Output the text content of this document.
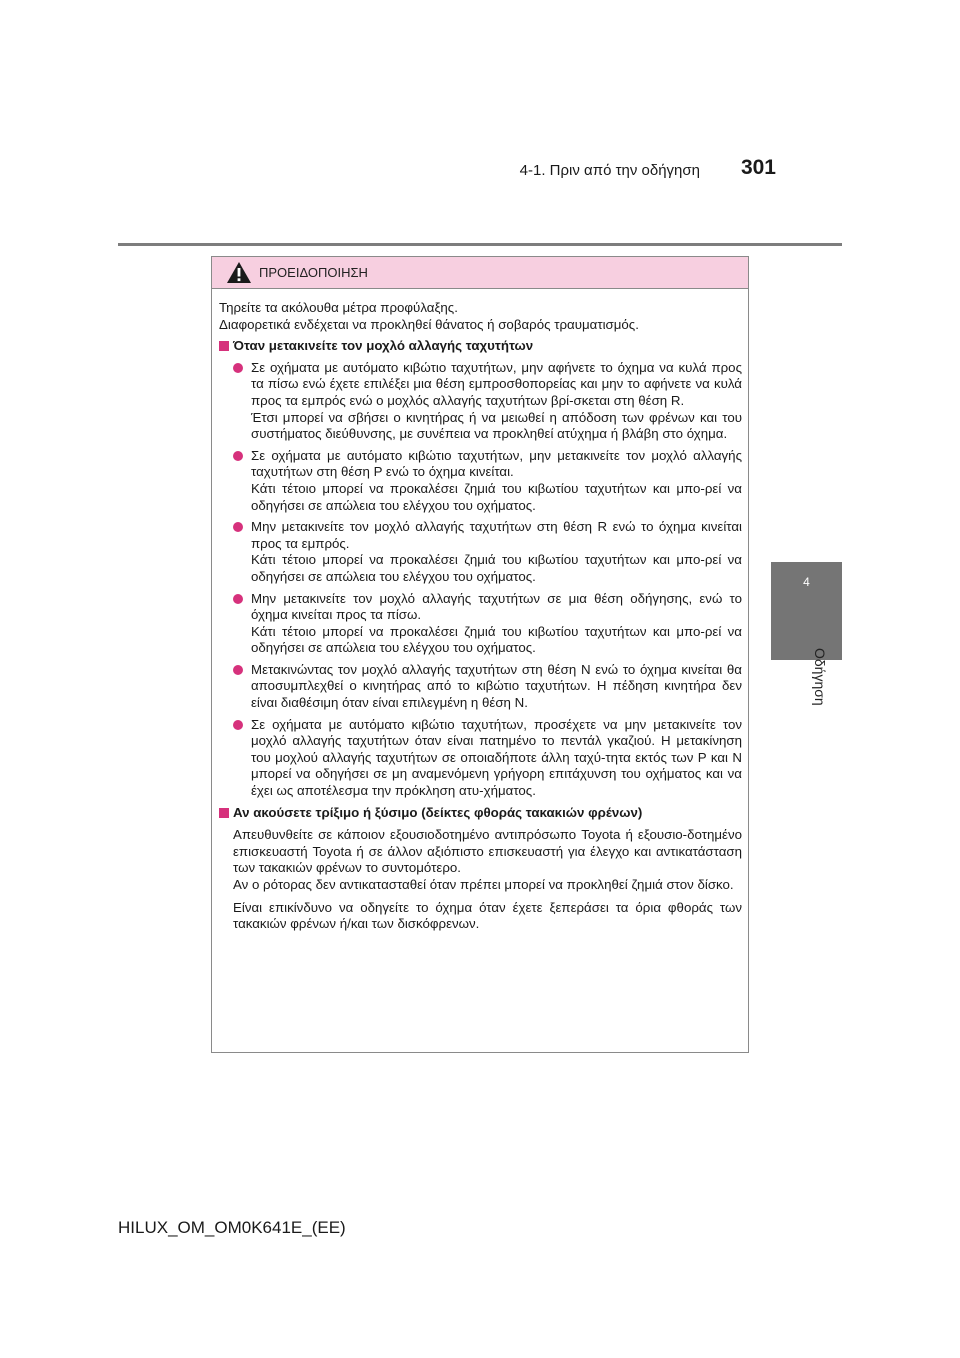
4-1. Πριν από την οδήγηση	301
4
Οδήγηση
ΠΡΟΕΙΔΟΠΟΙΗΣΗ

Τηρείτε τα ακόλουθα μέτρα προφύλαξης.

Διαφορετικά ενδέχεται να προκληθεί θάνατος ή σοβαρός τραυματισμός.

Όταν μετακινείτε τον μοχλό αλλαγής ταχυτήτων

Σε οχήματα με αυτόματο κιβώτιο ταχυτήτων, μην αφήνετε το όχημα να κυλά προς τα πίσω ενώ έχετε επιλέξει μια θέση εμπροσθοπορείας και μην το αφήνετε να κυλά προς τα εμπρός ενώ ο μοχλός αλλαγής ταχυτήτων βρί-σκεται στη θέση R.

Έτσι μπορεί να σβήσει ο κινητήρας ή να μειωθεί η απόδοση των φρένων και του συστήματος διεύθυνσης, με συνέπεια να προκληθεί ατύχημα ή βλάβη στο όχημα.

Σε οχήματα με αυτόματο κιβώτιο ταχυτήτων, μην μετακινείτε τον μοχλό αλλαγής ταχυτήτων στη θέση P ενώ το όχημα κινείται.

Κάτι τέτοιο μπορεί να προκαλέσει ζημιά του κιβωτίου ταχυτήτων και μπο-ρεί να οδηγήσει σε απώλεια του ελέγχου του οχήματος.

Μην μετακινείτε τον μοχλό αλλαγής ταχυτήτων στη θέση R ενώ το όχημα κινείται προς τα εμπρός.

Κάτι τέτοιο μπορεί να προκαλέσει ζημιά του κιβωτίου ταχυτήτων και μπο-ρεί να οδηγήσει σε απώλεια του ελέγχου του οχήματος.

Μην μετακινείτε τον μοχλό αλλαγής ταχυτήτων σε μια θέση οδήγησης, ενώ το όχημα κινείται προς τα πίσω.

Κάτι τέτοιο μπορεί να προκαλέσει ζημιά του κιβωτίου ταχυτήτων και μπο-ρεί να οδηγήσει σε απώλεια του ελέγχου του οχήματος.

Μετακινώντας τον μοχλό αλλαγής ταχυτήτων στη θέση N ενώ το όχημα κινείται θα αποσυμπλεχθεί ο κινητήρας από το κιβώτιο ταχυτήτων. Η πέδηση κινητήρα δεν είναι διαθέσιμη όταν είναι επιλεγμένη η θέση N.

Σε οχήματα με αυτόματο κιβώτιο ταχυτήτων, προσέχετε να μην μετακινείτε τον μοχλό αλλαγής ταχυτήτων όταν είναι πατημένο το πεντάλ γκαζιού. Η μετακίνηση του μοχλού αλλαγής ταχυτήτων σε οποιαδήποτε άλλη ταχύ-τητα εκτός των P και N μπορεί να οδηγήσει σε μη αναμενόμενη γρήγορη επιτάχυνση του οχήματος και να έχει ως αποτέλεσμα την πρόκληση ατυ-χήματος.

Αν ακούσετε τρίξιμο ή ξύσιμο (δείκτες φθοράς τακακιών φρένων)

Απευθυνθείτε σε κάποιον εξουσιοδοτημένο αντιπρόσωπο Toyota ή εξουσιο-δοτημένο επισκευαστή Toyota ή σε άλλον αξιόπιστο επισκευαστή για έλεγχο και αντικατάσταση των τακακιών φρένων το συντομότερο.

Αν ο ρότορας δεν αντικατασταθεί όταν πρέπει μπορεί να προκληθεί ζημιά στον δίσκο.

Είναι επικίνδυνο να οδηγείτε το όχημα όταν έχετε ξεπεράσει τα όρια φθοράς των τακακιών φρένων ή/και των δισκόφρενων.

HILUX_OM_OM0K641E_(EE)
